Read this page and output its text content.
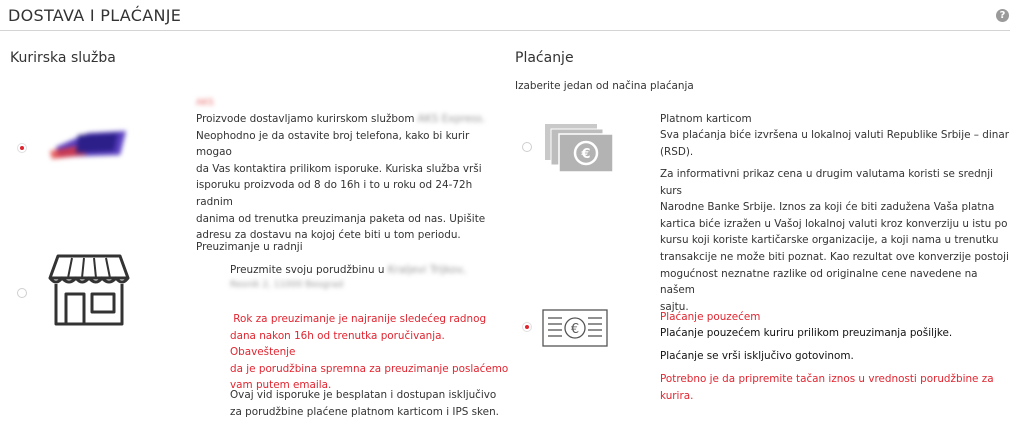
DOSTAVA I PLAĆANJE	?
Kurirska služba
AKS
Proizvode dostavljamo kurirskom službom AKS Express.
Neophodno je da ostavite broj telefona, kako bi kurir mogao
da Vas kontaktira prilikom isporuke. Kuriska služba vrši
isporuku proizvoda od 8 do 16h i to u roku od 24-72h radnim
danima od trenutka preuzimanja paketa od nas. Upišite
adresu za dostavu na kojoj ćete biti u tom periodu.
Preuzimanje u radnji
Preuzmite svoju porudžbinu u Kraljevi Trijkov,
Resnik 2, 11000 Beograd
Rok za preuzimanje je najranije sledećeg radnog
dana nakon 16h od trenutka poručivanja. Obaveštenje
da je porudžbina spremna za preuzimanje poslaćemo
vam putem emaila.
Ovaj vid isporuke je besplatan i dostupan isključivo
za porudžbine plaćene platnom karticom i IPS sken.
Plaćanje
Izaberite jedan od načina plaćanja
€
Platnom karticom
Sva plaćanja biće izvršena u lokalnoj valuti Republike Srbije – dinar
(RSD).
Za informativni prikaz cena u drugim valutama koristi se srednji kurs
Narodne Banke Srbije. Iznos za koji će biti zadužena Vaša platna
kartica biće izražen u Vašoj lokalnoj valuti kroz konverziju u istu po
kursu koji koriste kartičarske organizacije, a koji nama u trenutku
transakcije ne može biti poznat. Kao rezultat ove konverzije postoji
mogućnost neznatne razlike od originalne cene navedene na našem
sajtu.
€
Plaćanje pouzećem
Plaćanje pouzećem kuriru prilikom preuzimanja pošiljke.
Plaćanje se vrši isključivo gotovinom.
Potrebno je da pripremite tačan iznos u vrednosti porudžbine za
kurira.
